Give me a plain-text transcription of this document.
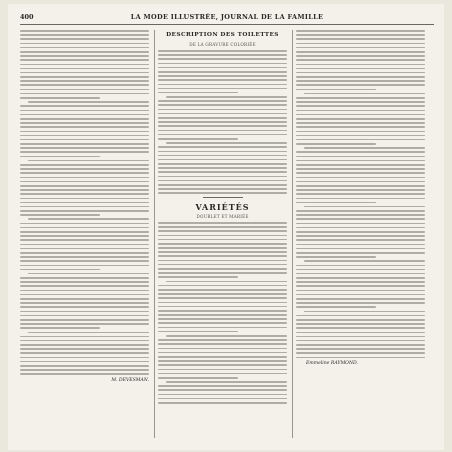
400	LA MODE ILLUSTRÉE, JOURNAL DE LA FAMILLE
M. DEVESMAN.
DESCRIPTION DES TOILETTES
DE LA GRAVURE COLORIÉE
VARIÉTÉS
DOUBLET ET MARIÉE
Emmeline RAYMOND.
